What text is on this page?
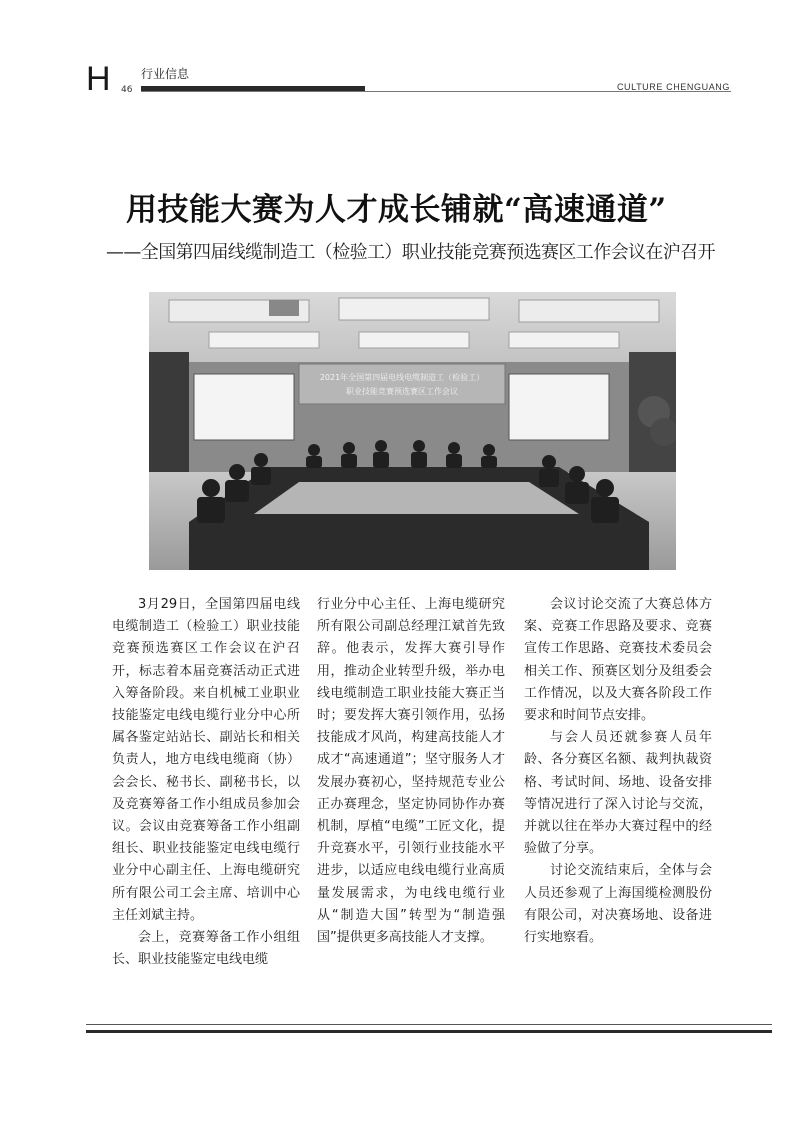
H	行业信息
46	CULTURE CHENGUANG
用技能大赛为人才成长铺就“高速通道”
——全国第四届线缆制造工（检验工）职业技能竞赛预选赛区工作会议在沪召开
2021年全国第四届电线电缆制造工（检验工）
职业技能竞赛预选赛区工作会议

3月29日，全国第四届电线电缆制造工（检验工）职业技能竞赛预选赛区工作会议在沪召开，标志着本届竞赛活动正式进入筹备阶段。来自机械工业职业技能鉴定电线电缆行业分中心所属各鉴定站站长、副站长和相关负责人，地方电线电缆商（协）会会长、秘书长、副秘书长，以及竞赛筹备工作小组成员参加会议。会议由竞赛筹备工作小组副组长、职业技能鉴定电线电缆行业分中心副主任、上海电缆研究所有限公司工会主席、培训中心主任刘斌主持。

会上，竞赛筹备工作小组组长、职业技能鉴定电线电缆

行业分中心主任、上海电缆研究所有限公司副总经理江斌首先致辞。他表示，发挥大赛引导作用，推动企业转型升级，举办电线电缆制造工职业技能大赛正当时；要发挥大赛引领作用，弘扬技能成才风尚，构建高技能人才成才“高速通道”；坚守服务人才发展办赛初心，坚持规范专业公正办赛理念，坚定协同协作办赛机制，厚植“电缆”工匠文化，提升竞赛水平，引领行业技能水平进步，以适应电线电缆行业高质量发展需求，为电线电缆行业从“制造大国”转型为“制造强国”提供更多高技能人才支撑。

会议讨论交流了大赛总体方案、竞赛工作思路及要求、竞赛宣传工作思路、竞赛技术委员会相关工作、预赛区划分及组委会工作情况，以及大赛各阶段工作要求和时间节点安排。

与会人员还就参赛人员年龄、各分赛区名额、裁判执裁资格、考试时间、场地、设备安排等情况进行了深入讨论与交流，并就以往在举办大赛过程中的经验做了分享。

讨论交流结束后，全体与会人员还参观了上海国缆检测股份有限公司，对决赛场地、设备进行实地察看。
